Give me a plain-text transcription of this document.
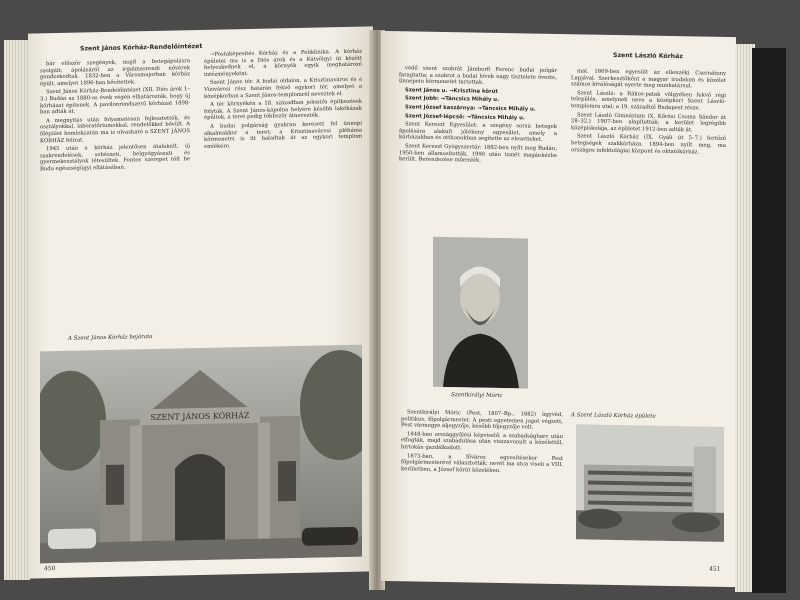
Szent János Kórház-Rendelőintézet

bár először szegények, majd a betegápolásra szolgált; ápolásáról az irgalmasrendi nővérek gondoskodtak. 1832-ben a Városmajorban kórház épült, amelyet 1896-ban bővítettek.

Szent János Kórház-Rendelőintézet (XII. Diós árok 1–3.) Budán az 1880-as évek végén elhatározták, hogy új kórházat építenek. A pavilonrendszerű kórházat 1898-ban adták át.

A megnyitás után folyamatosan fejlesztették, és osztályokkal, laboratóriumokkal, rendelőkkel bővült. A főépület homlokzatán ma is olvasható a SZENT JÁNOS KÓRHÁZ felirat.

1945 után a kórház jelentősen átalakult, új szakrendelések, sebészeti, belgyógyászati és gyermekosztályok létesültek. Fontos szerepet tölt be Buda egészségügyi ellátásában.

→Postaképesítés Kórház és a Poliklinika. A kórház épületei ma is a Diós árok és a Kútvölgyi út között helyezkednek el, a környék egyik meghatározó intézményeként.

Szent János tér. A budai oldalon, a Krisztinaváros és a Vízivárosi rész határán fekvő egykori tér, amelyet a középkorban a Szent János-templomról neveztek el.

A tér környékén a 18. században jelentős építkezések folytak. A Szent János-kápolna helyére később lakóházak épültek, a teret pedig többször átnevezték.

A budai polgárság gyakran keresett fel ünnepi alkalmakkor a teret; a Krisztinavárosi plébánia körmenetei is itt haladtak át az egykori templom emlékére.

A Szent János Kórház bejárata
SZENT JÁNOS KÓRHÁZ
450
Szent László Kórház

védő szent szobrát Jámborfi Ferenc budai polgár faragtatta; a szobrot a budai hívek nagy tisztelete övezte, ünnepein körmenetet tartottak.

Szent János u. →Krisztina körút

Szent Jobb: →Táncsics Mihály u.

Szent József kaszárnya: →Táncsics Mihály u.

Szent József-lépcső: →Táncsics Mihály u.

Szent Kereszt Egyesület: a szegény sorsú betegek ápolására alakult jótékony egyesület, amely a kórházakban és otthonokban segítette az elesetteket.

Szent Kereszt Gyógyszertár: 1882-ben nyílt meg Budán; 1950-ben államosították, 1990 után ismét magánkézbe került. Berendezése műemlék.

Szentkirályi Móric

Szentkirályi Móric (Pest, 1807–Bp., 1882) ügyvéd, politikus, főpolgármester. A pesti egyetemen jogot végzett, Pest vármegye aljegyzője, később főjegyzője volt.

1848-ban országgyűlési képviselő; a szabadságharc után elfogták, majd szabadulása után visszavonult a közélettől, birtokán gazdálkodott.

1873-ban, a főváros egyesítésekor Pest főpolgármesterévé választották; nevét ma utca viseli a VIII. kerületben, a József körút közelében.

mal. 1869-ben egyesült az ellenzéki Csernátony Lapjával. Szerkesztőként a magyar irodalom és közélet számos kiválóságát nyerte meg munkatársul.

Szent László: a Rákos-patak völgyében fekvő régi település, amelynek neve a középkori Szent László-templomra utal; a 19. századtól Budapest része.

Szent László Gimnázium (X. Kőrösi Csoma Sándor út 28–32.) 1907-ben alapították; a kerület legrégibb középiskolája, az épületet 1912-ben adták át.

Szent László Kórház (IX. Gyáli út 5–7.) fertőző betegségek szakkórháza. 1894-ben nyílt meg, ma országos infektológiai központ és oktatókórház.

A Szent László Kórház épülete
451
